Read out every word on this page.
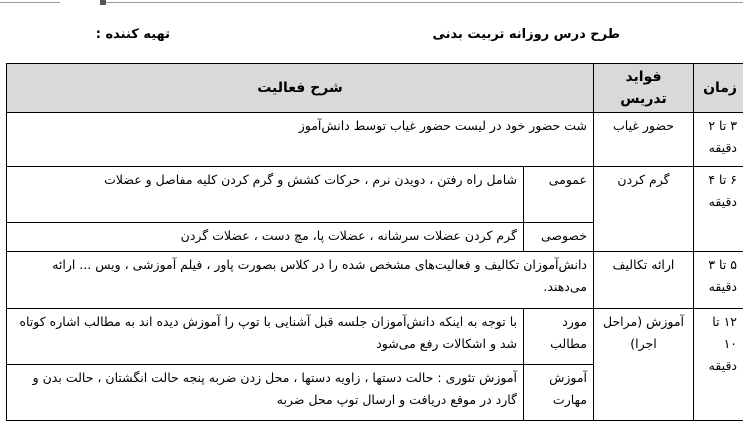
طرح درس روزانه تربیت بدنی
تهیه کننده :
زمان	فواید تدریس	شرح فعالیت	
۳ تا ۲ دقیقه	حضور غیاب	شت حضور خود در لیست حضور غیاب توسط دانش‌آموز	
۶ تا ۴ دقیقه	گرم کردن	عمومی	شامل راه رفتن ، دویدن نرم ، حرکات کشش و گرم کردن کلیه مفاصل و عضلات
		خصوصی	گرم کردن عضلات سرشانه ، عضلات پا، مچ دست ، عضلات گردن
۵ تا ۳ دقیقه	ارائه تکالیف	دانش‌آموزان تکالیف و فعالیت‌های مشخص شده را در کلاس بصورت پاور ، فیلم آموزشی ، ویس ... ارائه می‌دهند.	
۱۲ تا ۱۰ دقیقه	آموزش (مراحل اجرا)	مورد مطالب	با توجه به اینکه دانش‌آموزان جلسه قبل آشنایی با توپ را آموزش دیده اند به مطالب اشاره کوتاه شد و اشکالات رفع می‌شود
		آموزش مهارت	آموزش تئوری : حالت دستها ، زاویه دستها ، محل زدن ضربه پنجه حالت انگشتان ، حالت بدن و گارد در موقع دریافت و ارسال توپ محل ضربه
